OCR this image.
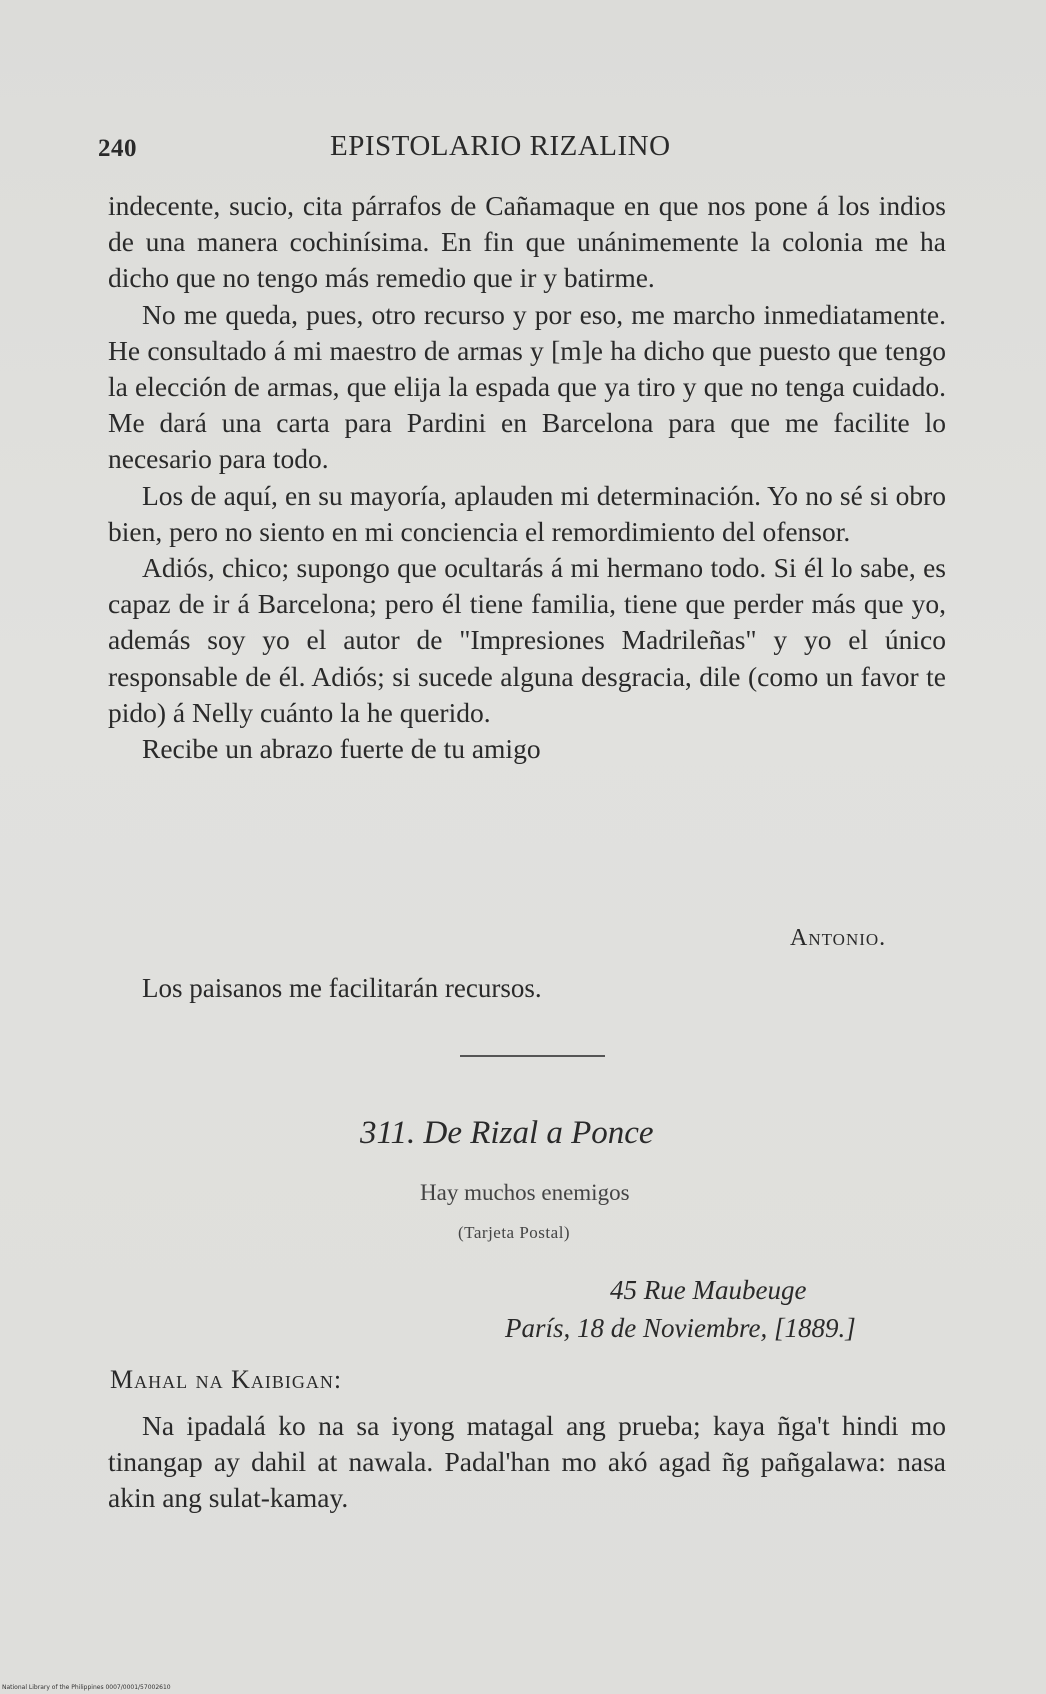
240	EPISTOLARIO RIZALINO

indecente, sucio, cita párrafos de Cañamaque en que nos pone á los indios de una manera cochinísima. En fin que unánimemente la colonia me ha dicho que no tengo más remedio que ir y batirme.

No me queda, pues, otro recurso y por eso, me marcho inmediatamente. He consultado á mi maestro de armas y [m]e ha dicho que puesto que tengo la elección de armas, que elija la espada que ya tiro y que no tenga cuidado. Me dará una carta para Pardini en Barcelona para que me facilite lo necesario para todo.

Los de aquí, en su mayoría, aplauden mi determinación. Yo no sé si obro bien, pero no siento en mi conciencia el remordimiento del ofensor.

Adiós, chico; supongo que ocultarás á mi hermano todo. Si él lo sabe, es capaz de ir á Barcelona; pero él tiene familia, tiene que perder más que yo, además soy yo el autor de "Impresiones Madrileñas" y yo el único responsable de él. Adiós; si sucede alguna desgracia, dile (como un favor te pido) á Nelly cuánto la he querido.

Recibe un abrazo fuerte de tu amigo

Antonio.
Los paisanos me facilitarán recursos.
311. De Rizal a Ponce
Hay muchos enemigos
(Tarjeta Postal)
45 Rue Maubeuge
París, 18 de Noviembre, [1889.]
Mahal na Kaibigan:

Na ipadalá ko na sa iyong matagal ang prueba; kaya ñga't hindi mo tinangap ay dahil at nawala. Padal'han mo akó agad ñg pañgalawa: nasa akin ang sulat-kamay.

National Library of the Philippines 0007/0001/57002610
